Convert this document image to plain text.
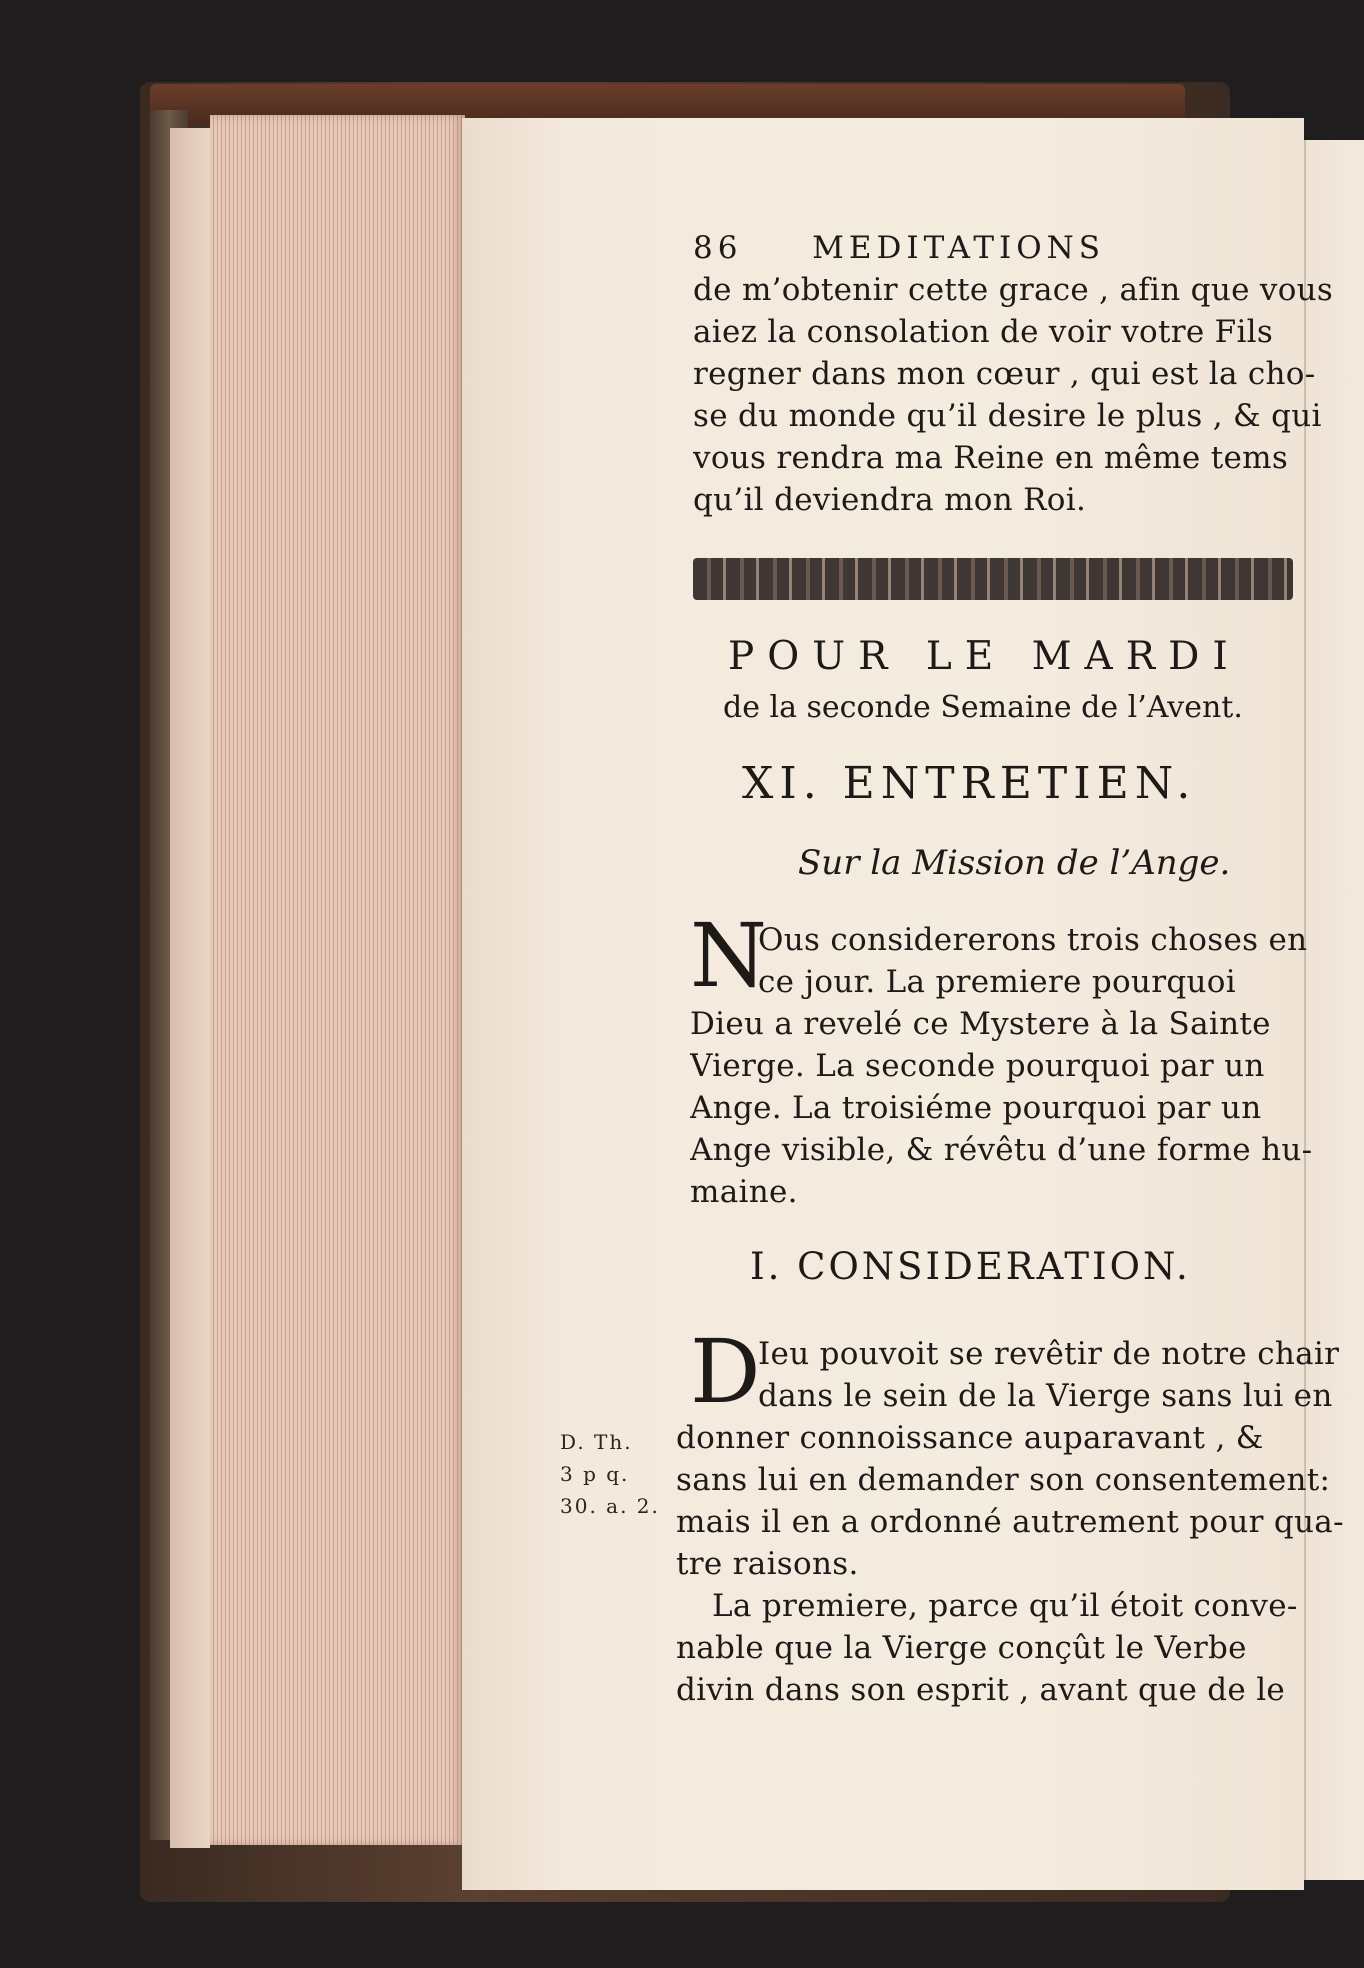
86 MEDITATIONS
de m’obtenir cette grace , afin que vous
aiez la consolation de voir votre Fils
regner dans mon cœur , qui est la cho-
se du monde qu’il desire le plus , & qui
vous rendra ma Reine en même tems
qu’il deviendra mon Roi.
POUR LE MARDI
de la seconde Semaine de l’Avent.
XI. ENTRETIEN.
Sur la Mission de l’Ange.
N
Ous considererons trois choses en
ce jour. La premiere pourquoi
Dieu a revelé ce Mystere à la Sainte
Vierge. La seconde pourquoi par un
Ange. La troisiéme pourquoi par un
Ange visible, & révêtu d’une forme hu-
maine.
I. CONSIDERATION.
D
Ieu pouvoit se revêtir de notre chair
dans le sein de la Vierge sans lui en
donner connoissance auparavant , &
sans lui en demander son consentement:
mais il en a ordonné autrement pour qua-
tre raisons.
La premiere, parce qu’il étoit conve-
nable que la Vierge conçût le Verbe
divin dans son esprit , avant que de le
D. Th.
3 p q.
30. a. 2.
